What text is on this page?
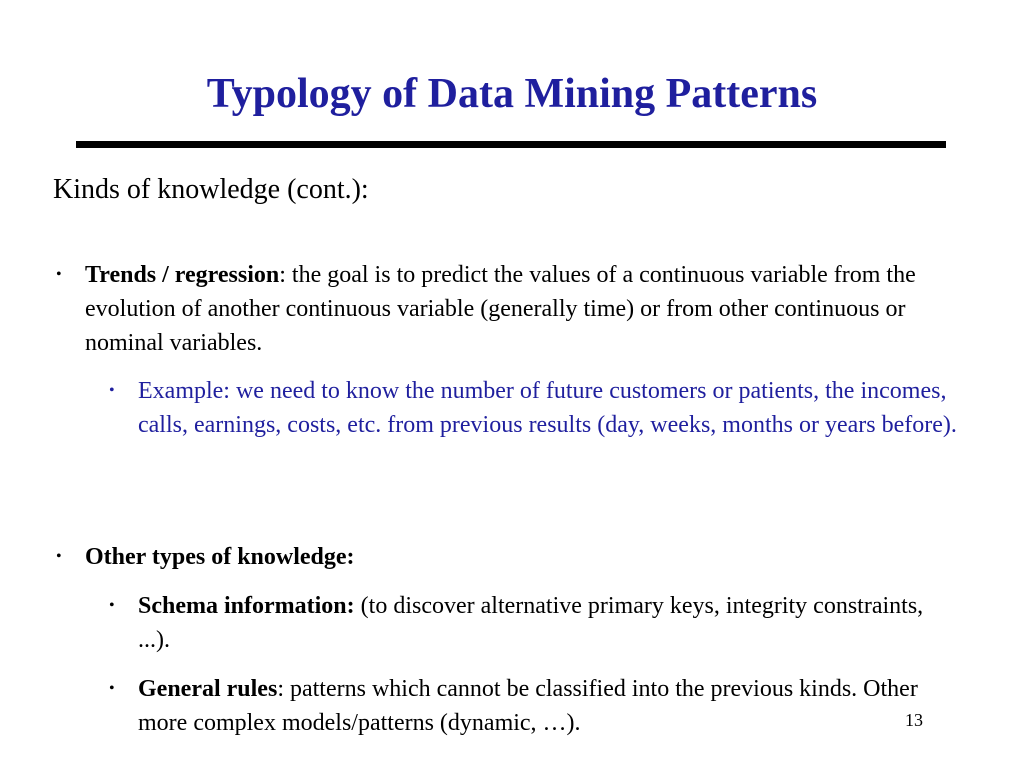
Typology of Data Mining Patterns
Kinds of knowledge (cont.):
• Trends / regression: the goal is to predict the values of a continuous variable from the evolution of another continuous variable (generally time) or from other continuous or nominal variables.
• Example: we need to know the number of future customers or patients, the incomes, calls, earnings, costs, etc. from previous results (day, weeks, months or years before).
• Other types of knowledge:
• Schema information: (to discover alternative primary keys, integrity constraints, ...).
• General rules: patterns which cannot be classified into the previous kinds. Other more complex models/patterns (dynamic, …).	13
